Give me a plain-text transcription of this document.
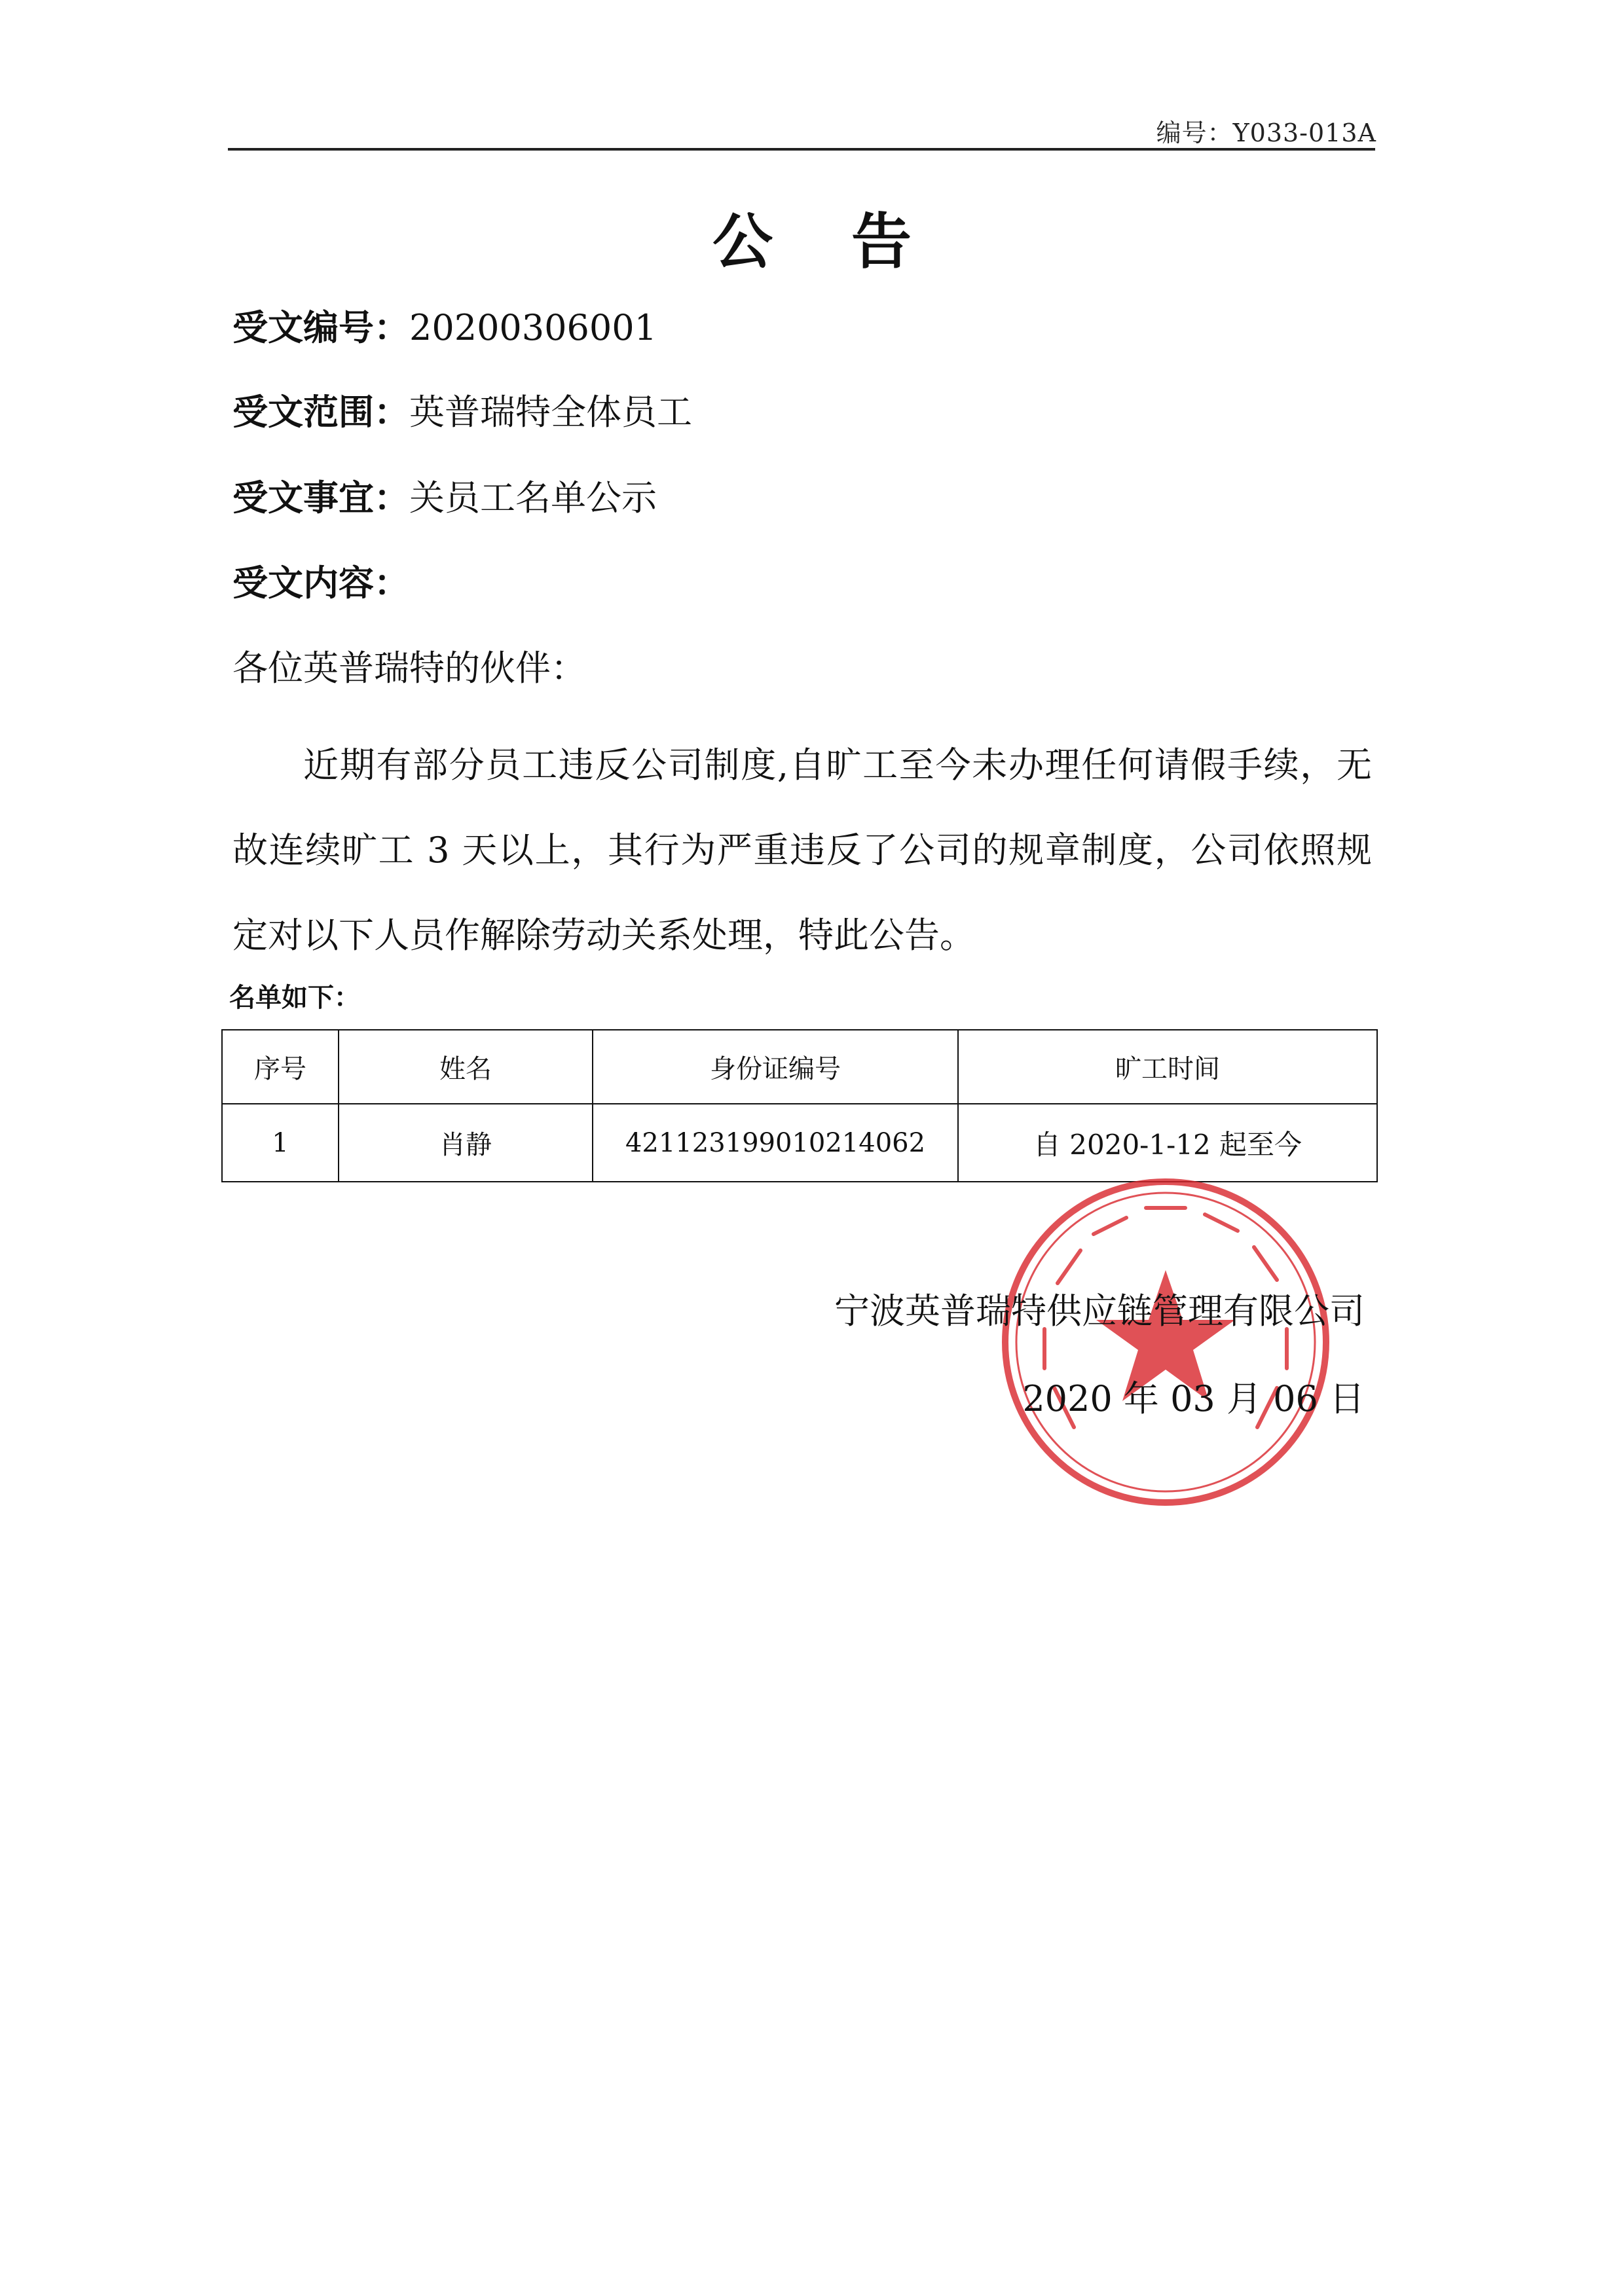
编号：Y033-013A
公 告
受文编号：20200306001
受文范围：英普瑞特全体员工
受文事宜：关员工名单公示
受文内容：
各位英普瑞特的伙伴：
近期有部分员工违反公司制度,自旷工至今未办理任何请假手续，无故连续旷工 3 天以上，其行为严重违反了公司的规章制度，公司依照规定对以下人员作解除劳动关系处理，特此公告。
名单如下：
序号	姓名	身份证编号	旷工时间
1	肖静	421123199010214062	自 2020-1-12 起至今
宁波英普瑞特供应链管理有限公司
2020 年 03 月 06 日
